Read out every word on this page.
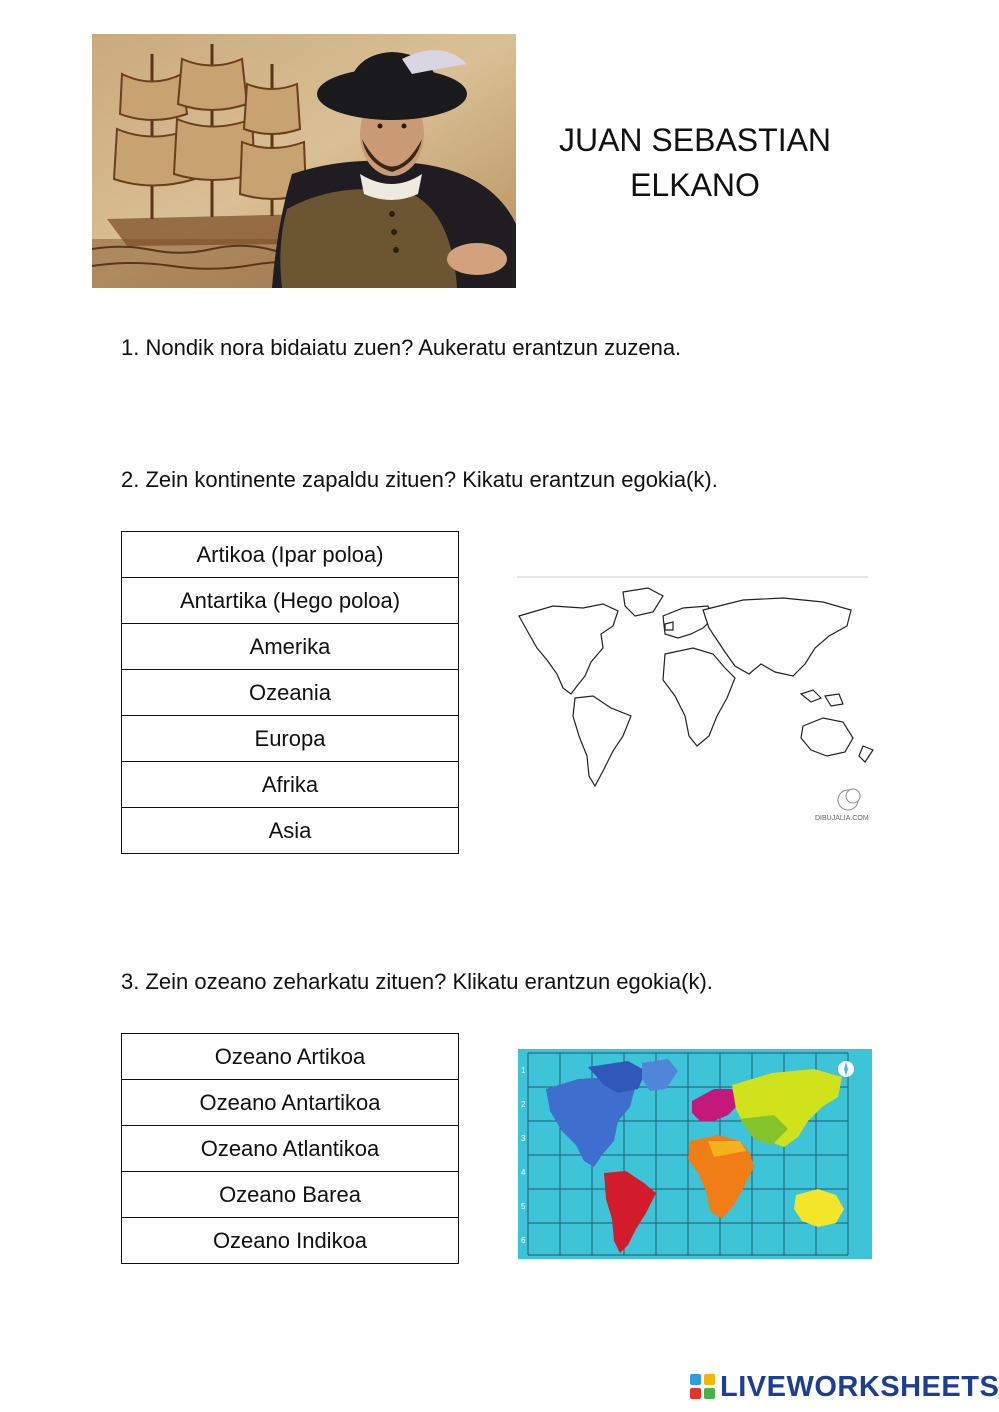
JUAN SEBASTIAN
ELKANO
1. Nondik nora bidaiatu zuen? Aukeratu erantzun zuzena.
2. Zein kontinente zapaldu zituen? Kikatu erantzun egokia(k).
Artikoa (Ipar poloa)
Antartika (Hego poloa)
Amerika
Ozeania
Europa
Afrika
Asia	DIBUJALIA.COM
3. Zein ozeano zeharkatu zituen? Klikatu erantzun egokia(k).
Ozeano Artikoa
Ozeano Antartikoa
Ozeano Atlantikoa
Ozeano Barea
Ozeano Indikoa
1
2
3
4
5
6
LIVEWORKSHEETS
